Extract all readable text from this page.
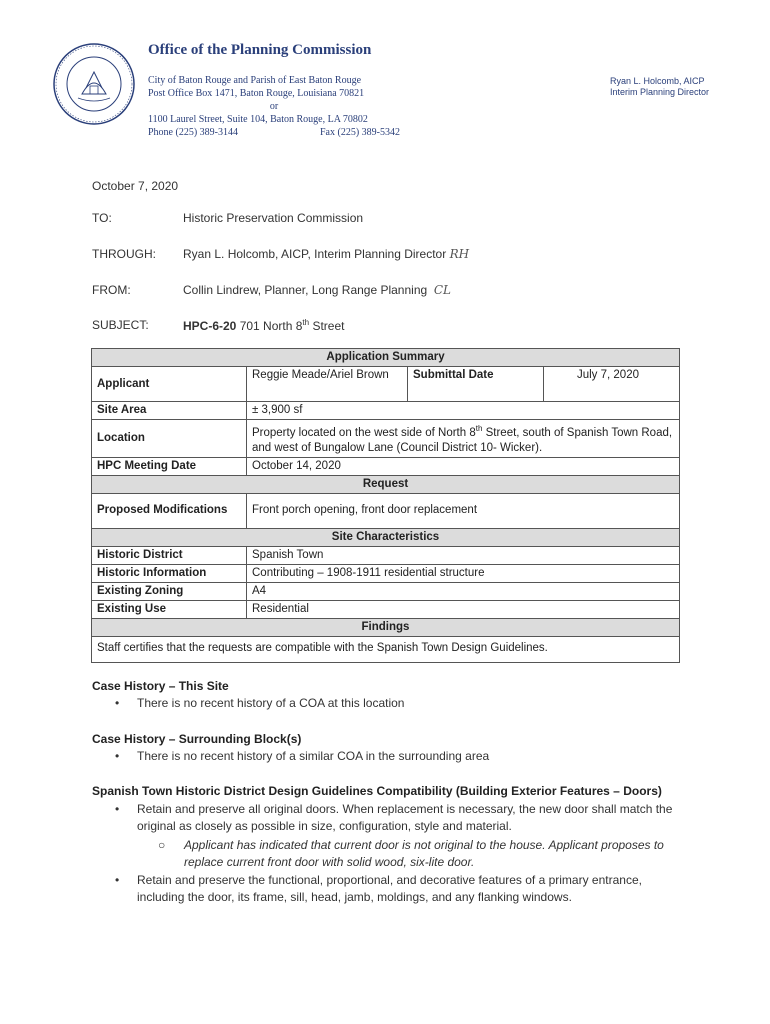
Office of the Planning Commission
City of Baton Rouge and Parish of East Baton Rouge
Post Office Box 1471, Baton Rouge, Louisiana 70821
or
1100 Laurel Street, Suite 104, Baton Rouge, LA 70802
Phone (225) 389-3144	Fax (225) 389-5342
Ryan L. Holcomb, AICP
Interim Planning Director
October 7, 2020
TO:	Historic Preservation Commission
THROUGH:	Ryan L. Holcomb, AICP, Interim Planning Director RH
FROM:	Collin Lindrew, Planner, Long Range Planning CL
SUBJECT:	HPC-6-20 701 North 8th Street
Application Summary			
Applicant	Reggie Meade/Ariel Brown	Submittal Date	July 7, 2020
Site Area	± 3,900 sf		
Location	Property located on the west side of North 8th Street, south of Spanish Town Road, and west of Bungalow Lane (Council District 10- Wicker).		
HPC Meeting Date	October 14, 2020		
Request			
Proposed Modifications	Front porch opening, front door replacement		
Site Characteristics			
Historic District	Spanish Town		
Historic Information	Contributing – 1908-1911 residential structure		
Existing Zoning	A4		
Existing Use	Residential		
Findings			
Staff certifies that the requests are compatible with the Spanish Town Design Guidelines.			
Case History – This Site
• There is no recent history of a COA at this location
Case History – Surrounding Block(s)
• There is no recent history of a similar COA in the surrounding area
Spanish Town Historic District Design Guidelines Compatibility (Building Exterior Features – Doors)
• Retain and preserve all original doors. When replacement is necessary, the new door shall match the original as closely as possible in size, configuration, style and material.
○ Applicant has indicated that current door is not original to the house. Applicant proposes to replace current front door with solid wood, six-lite door.
• Retain and preserve the functional, proportional, and decorative features of a primary entrance, including the door, its frame, sill, head, jamb, moldings, and any flanking windows.
